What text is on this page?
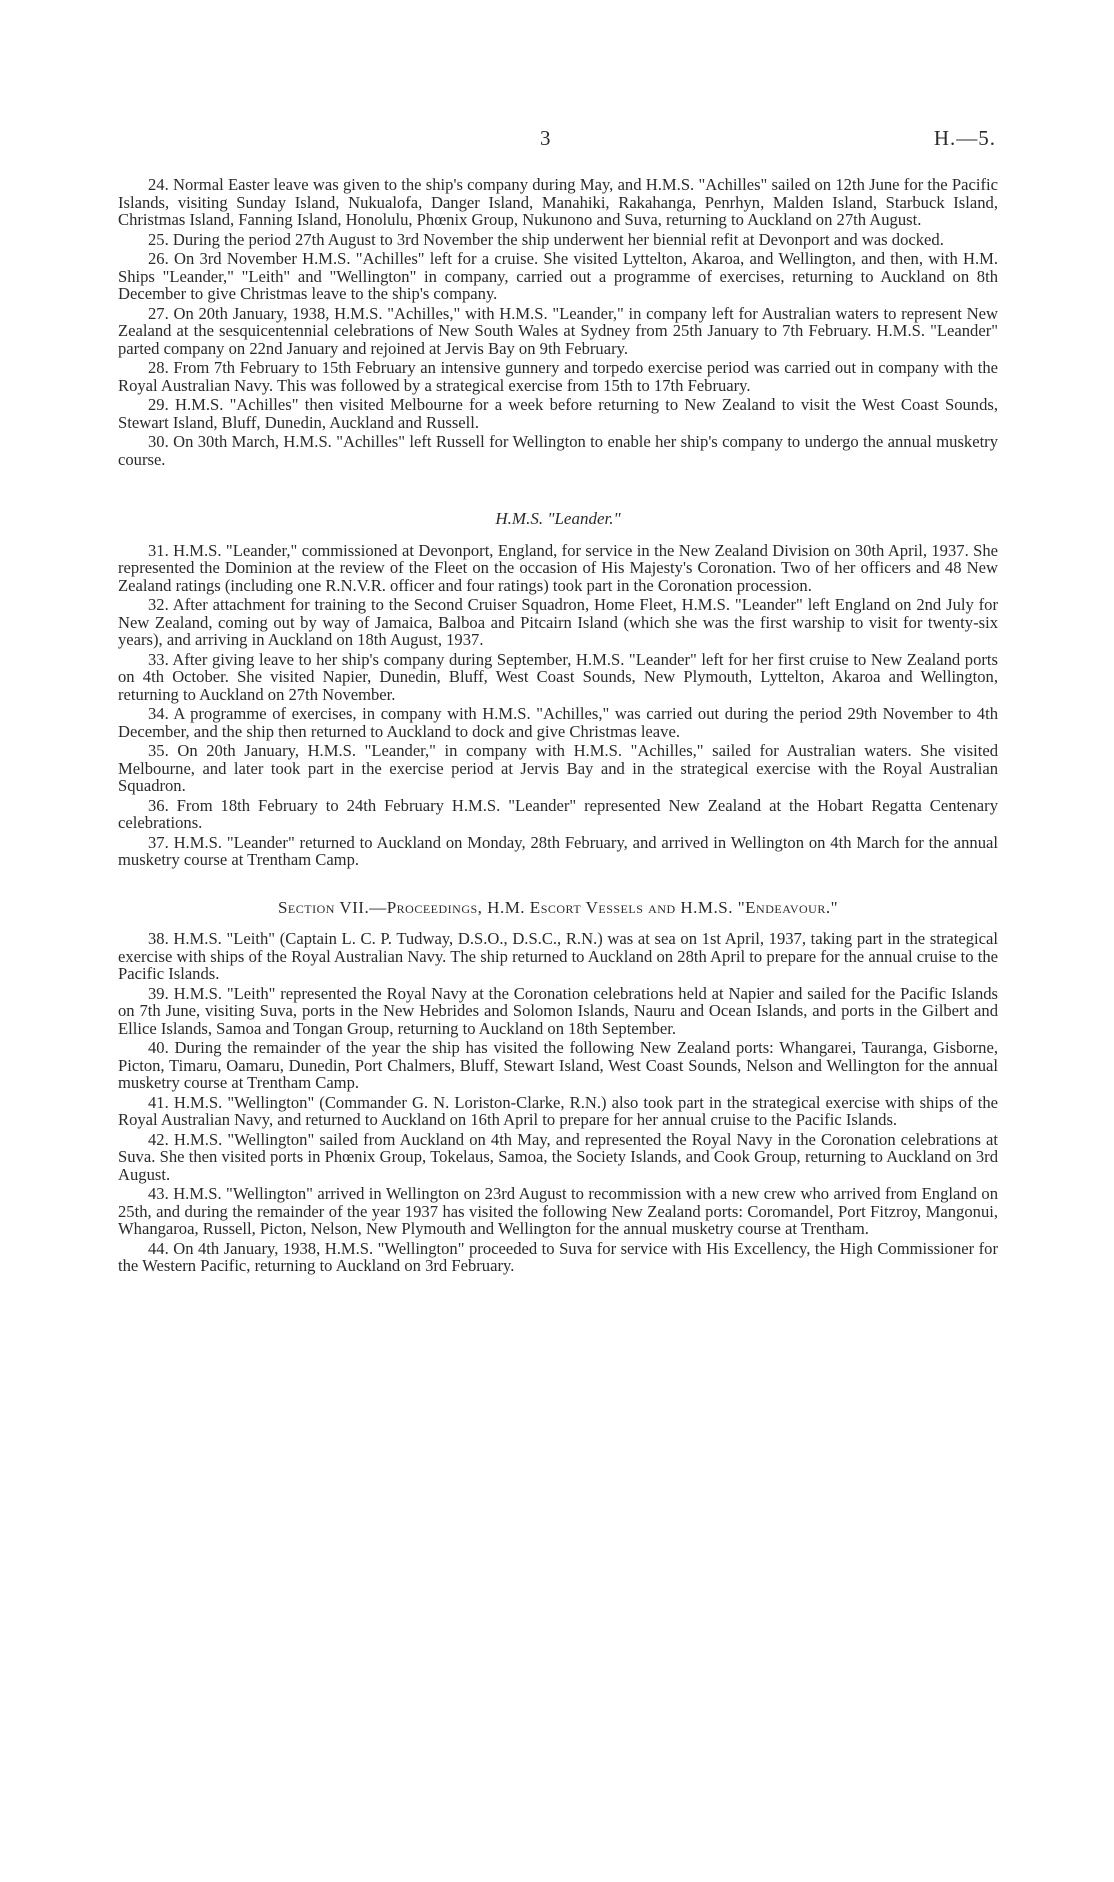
3	H.—5.

24. Normal Easter leave was given to the ship's company during May, and H.M.S. "Achilles" sailed on 12th June for the Pacific Islands, visiting Sunday Island, Nukualofa, Danger Island, Manahiki, Rakahanga, Penrhyn, Malden Island, Starbuck Island, Christmas Island, Fanning Island, Honolulu, Phœnix Group, Nukunono and Suva, returning to Auckland on 27th August.

25. During the period 27th August to 3rd November the ship underwent her biennial refit at Devonport and was docked.

26. On 3rd November H.M.S. "Achilles" left for a cruise. She visited Lyttelton, Akaroa, and Wellington, and then, with H.M. Ships "Leander," "Leith" and "Wellington" in company, carried out a programme of exercises, returning to Auckland on 8th December to give Christmas leave to the ship's company.

27. On 20th January, 1938, H.M.S. "Achilles," with H.M.S. "Leander," in company left for Australian waters to represent New Zealand at the sesquicentennial celebrations of New South Wales at Sydney from 25th January to 7th February. H.M.S. "Leander" parted company on 22nd January and rejoined at Jervis Bay on 9th February.

28. From 7th February to 15th February an intensive gunnery and torpedo exercise period was carried out in company with the Royal Australian Navy. This was followed by a strategical exercise from 15th to 17th February.

29. H.M.S. "Achilles" then visited Melbourne for a week before returning to New Zealand to visit the West Coast Sounds, Stewart Island, Bluff, Dunedin, Auckland and Russell.

30. On 30th March, H.M.S. "Achilles" left Russell for Wellington to enable her ship's company to undergo the annual musketry course.

H.M.S. "Leander."

31. H.M.S. "Leander," commissioned at Devonport, England, for service in the New Zealand Division on 30th April, 1937. She represented the Dominion at the review of the Fleet on the occasion of His Majesty's Coronation. Two of her officers and 48 New Zealand ratings (including one R.N.V.R. officer and four ratings) took part in the Coronation procession.

32. After attachment for training to the Second Cruiser Squadron, Home Fleet, H.M.S. "Leander" left England on 2nd July for New Zealand, coming out by way of Jamaica, Balboa and Pitcairn Island (which she was the first warship to visit for twenty-six years), and arriving in Auckland on 18th August, 1937.

33. After giving leave to her ship's company during September, H.M.S. "Leander" left for her first cruise to New Zealand ports on 4th October. She visited Napier, Dunedin, Bluff, West Coast Sounds, New Plymouth, Lyttelton, Akaroa and Wellington, returning to Auckland on 27th November.

34. A programme of exercises, in company with H.M.S. "Achilles," was carried out during the period 29th November to 4th December, and the ship then returned to Auckland to dock and give Christmas leave.

35. On 20th January, H.M.S. "Leander," in company with H.M.S. "Achilles," sailed for Australian waters. She visited Melbourne, and later took part in the exercise period at Jervis Bay and in the strategical exercise with the Royal Australian Squadron.

36. From 18th February to 24th February H.M.S. "Leander" represented New Zealand at the Hobart Regatta Centenary celebrations.

37. H.M.S. "Leander" returned to Auckland on Monday, 28th February, and arrived in Wellington on 4th March for the annual musketry course at Trentham Camp.

Section VII.—Proceedings, H.M. Escort Vessels and H.M.S. "Endeavour."

38. H.M.S. "Leith" (Captain L. C. P. Tudway, D.S.O., D.S.C., R.N.) was at sea on 1st April, 1937, taking part in the strategical exercise with ships of the Royal Australian Navy. The ship returned to Auckland on 28th April to prepare for the annual cruise to the Pacific Islands.

39. H.M.S. "Leith" represented the Royal Navy at the Coronation celebrations held at Napier and sailed for the Pacific Islands on 7th June, visiting Suva, ports in the New Hebrides and Solomon Islands, Nauru and Ocean Islands, and ports in the Gilbert and Ellice Islands, Samoa and Tongan Group, returning to Auckland on 18th September.

40. During the remainder of the year the ship has visited the following New Zealand ports: Whangarei, Tauranga, Gisborne, Picton, Timaru, Oamaru, Dunedin, Port Chalmers, Bluff, Stewart Island, West Coast Sounds, Nelson and Wellington for the annual musketry course at Trentham Camp.

41. H.M.S. "Wellington" (Commander G. N. Loriston-Clarke, R.N.) also took part in the strategical exercise with ships of the Royal Australian Navy, and returned to Auckland on 16th April to prepare for her annual cruise to the Pacific Islands.

42. H.M.S. "Wellington" sailed from Auckland on 4th May, and represented the Royal Navy in the Coronation celebrations at Suva. She then visited ports in Phœnix Group, Tokelaus, Samoa, the Society Islands, and Cook Group, returning to Auckland on 3rd August.

43. H.M.S. "Wellington" arrived in Wellington on 23rd August to recommission with a new crew who arrived from England on 25th, and during the remainder of the year 1937 has visited the following New Zealand ports: Coromandel, Port Fitzroy, Mangonui, Whangaroa, Russell, Picton, Nelson, New Plymouth and Wellington for the annual musketry course at Trentham.

44. On 4th January, 1938, H.M.S. "Wellington" proceeded to Suva for service with His Excellency, the High Commissioner for the Western Pacific, returning to Auckland on 3rd February.
